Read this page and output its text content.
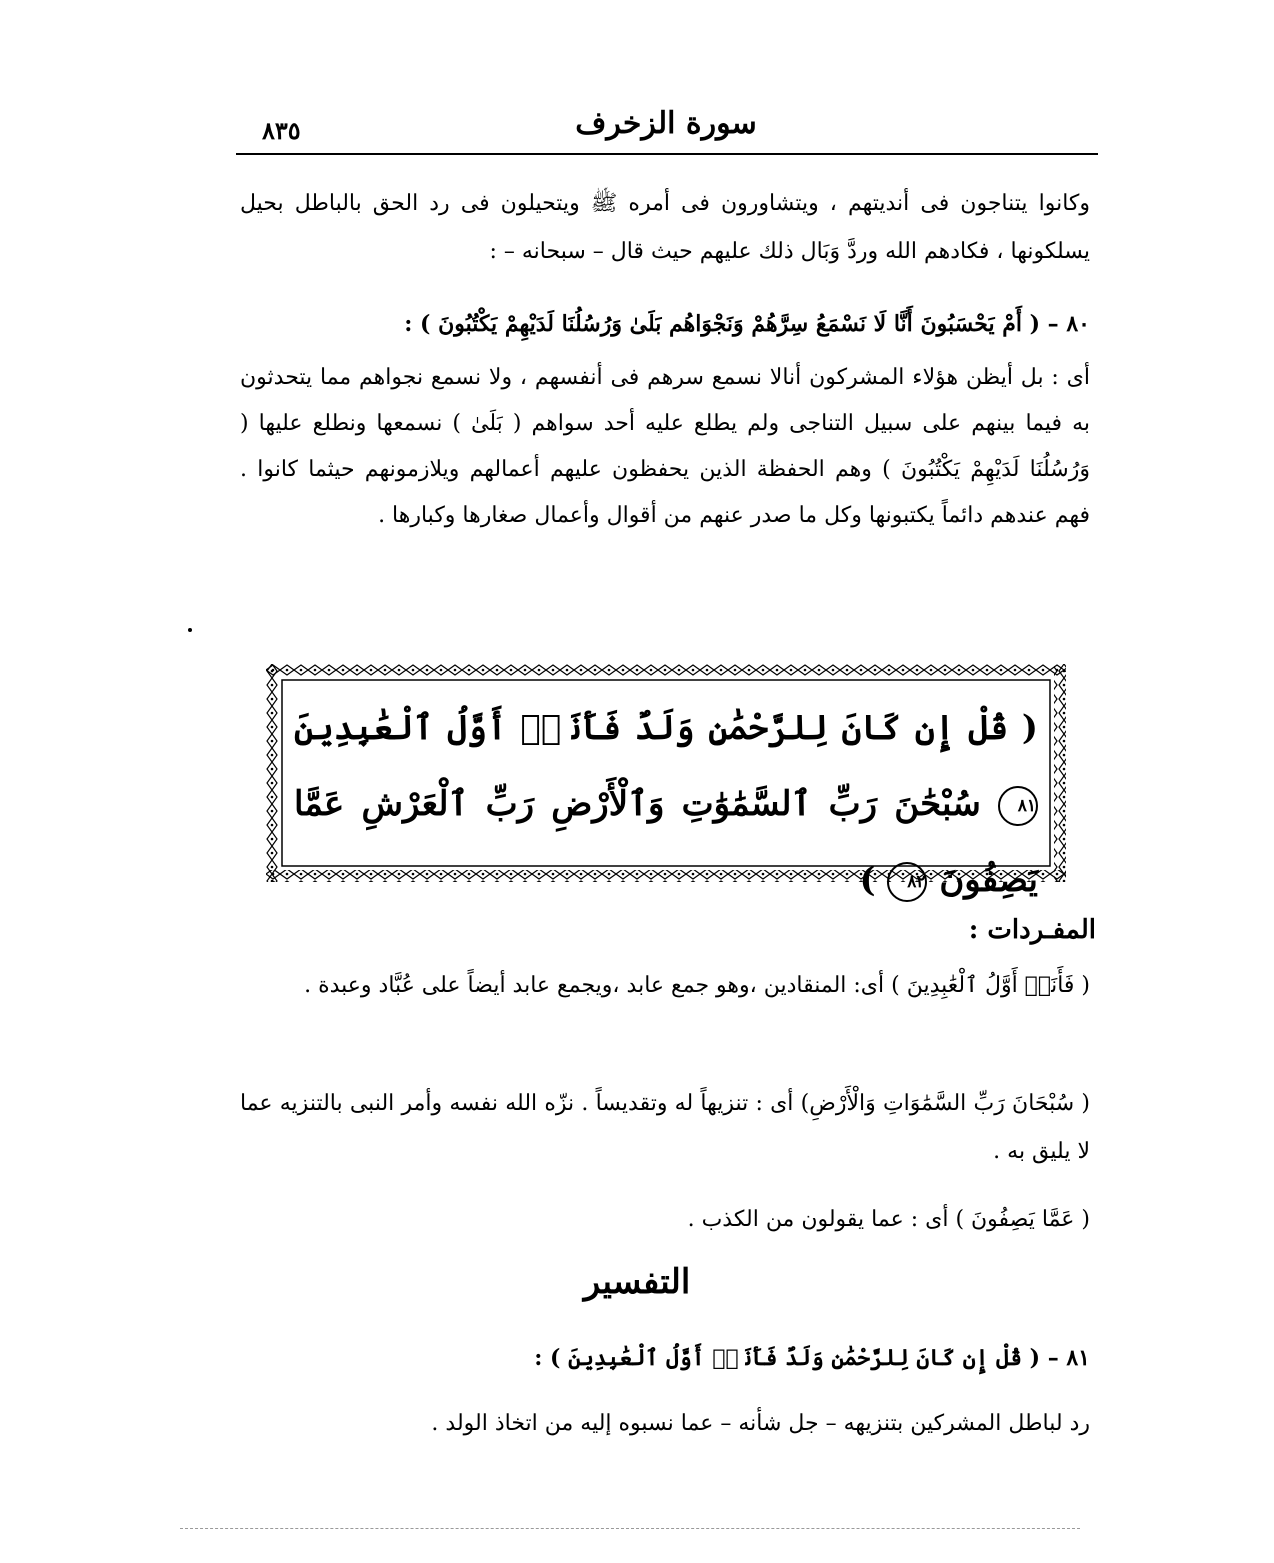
٨٣٥	سورة الزخرف
وكانوا يتناجون فى أنديتهم ، ويتشاورون فى أمره ﷺ ويتحيلون فى رد الحق بالباطل بحيل يسلكونها ، فكادهم الله وردَّ وَبَال ذلك عليهم حيث قال – سبحانه – :
٨٠ – ( أَمْ يَحْسَبُونَ أَنَّا لَا نَسْمَعُ سِرَّهُمْ وَنَجْوَاهُم بَلَىٰ وَرُسُلُنَا لَدَيْهِمْ يَكْتُبُونَ ) :
أى : بل أيظن هؤلاء المشركون أنالا نسمع سرهم فى أنفسهم ، ولا نسمع نجواهم مما يتحدثون به فيما بينهم على سبيل التناجى ولم يطلع عليه أحد سواهم ( بَلَىٰ ) نسمعها ونطلع عليها ( وَرُسُلُنَا لَدَيْهِمْ يَكْتُبُونَ ) وهم الحفظة الذين يحفظون عليهم أعمالهم ويلازمونهم حيثما كانوا . فهم عندهم دائماً يكتبونها وكل ما صدر عنهم من أقوال وأعمال صغارها وكبارها .
( قُلْ إِن كَانَ لِلرَّحْمَٰنِ وَلَدٌ فَأَنَا۠ أَوَّلُ ٱلْعَٰبِدِينَ ٨١ سُبْحَٰنَ رَبِّ ٱلسَّمَٰوَٰتِ وَٱلْأَرْضِ رَبِّ ٱلْعَرْشِ عَمَّا يَصِفُونَ ٨٢ )
المفـردات :
( فَأَنَا۠ أَوَّلُ ٱلْعَٰبِدِينَ ) أى: المنقادين ،وهو جمع عابد ،ويجمع عابد أيضاً على عُبَّاد وعبدة .
( سُبْحَانَ رَبِّ السَّمَٰوَاتِ وَالْأَرْضِ) أى : تنزيهاً له وتقديساً . نزّه الله نفسه وأمر النبى بالتنزيه عما لا يليق به .
( عَمَّا يَصِفُونَ ) أى : عما يقولون من الكذب .
التفسير
٨١ – ( قُلْ إِن كَانَ لِلرَّحْمَٰنِ وَلَدٌ فَأَنَا۠ أَوَّلُ ٱلْعَٰبِدِينَ ) :
رد لباطل المشركين بتنزيهه – جل شأنه – عما نسبوه إليه من اتخاذ الولد .
